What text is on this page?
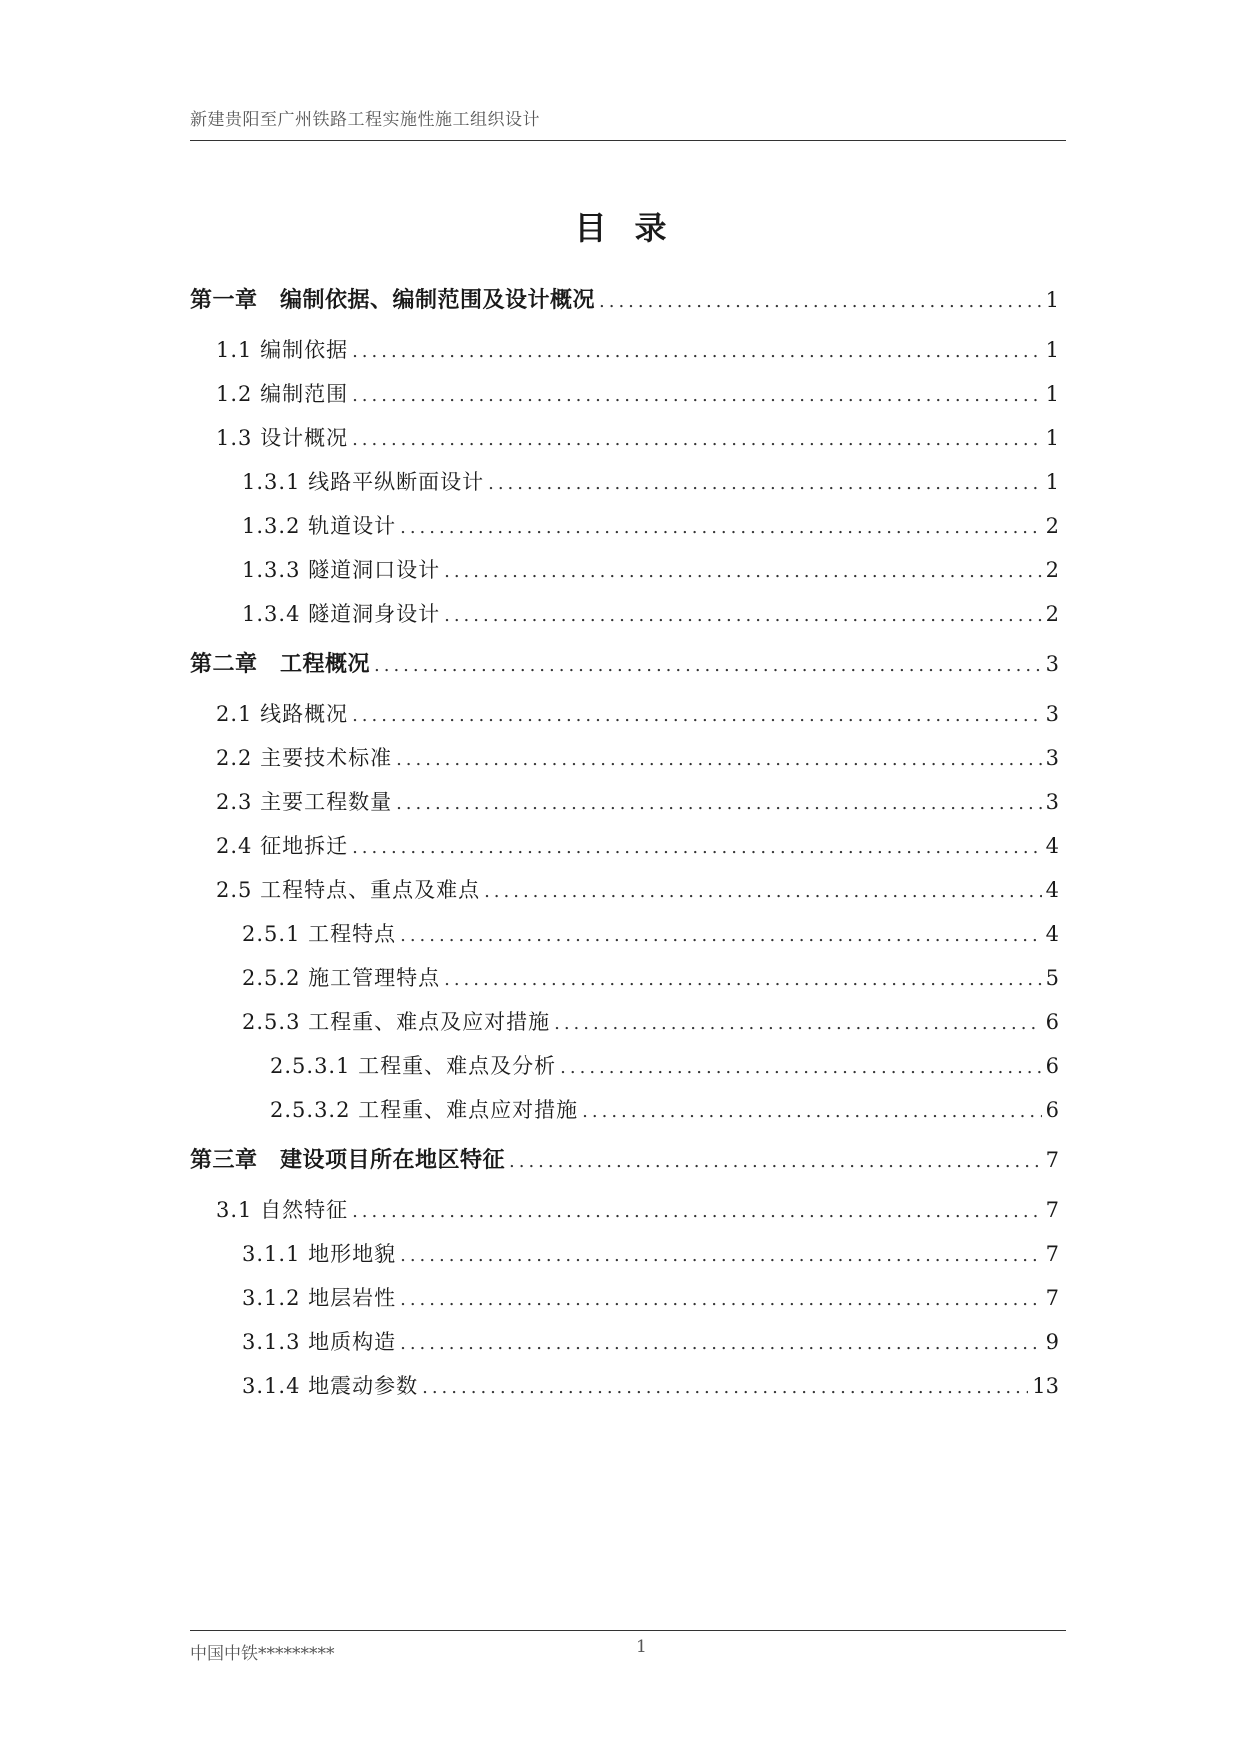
新建贵阳至广州铁路工程实施性施工组织设计
目录
第一章　编制依据、编制范围及设计概况 .....	1
1.1 编制依据 .....	1
1.2 编制范围 .....	1
1.3 设计概况 .....	1
1.3.1 线路平纵断面设计 .....	1
1.3.2 轨道设计 .....	2
1.3.3 隧道洞口设计 .....	2
1.3.4 隧道洞身设计 .....	2
第二章　工程概况 .....	3
2.1 线路概况 .....	3
2.2 主要技术标准 .....	3
2.3 主要工程数量 .....	3
2.4 征地拆迁 .....	4
2.5 工程特点、重点及难点 .....	4
2.5.1 工程特点 .....	4
2.5.2 施工管理特点 .....	5
2.5.3 工程重、难点及应对措施 .....	6
2.5.3.1 工程重、难点及分析 .....	6
2.5.3.2 工程重、难点应对措施 .....	6
第三章　建设项目所在地区特征 .....	7
3.1 自然特征 .....	7
3.1.1 地形地貌 .....	7
3.1.2 地层岩性 .....	7
3.1.3 地质构造 .....	9
3.1.4 地震动参数 .....	13
中国中铁*********	1
